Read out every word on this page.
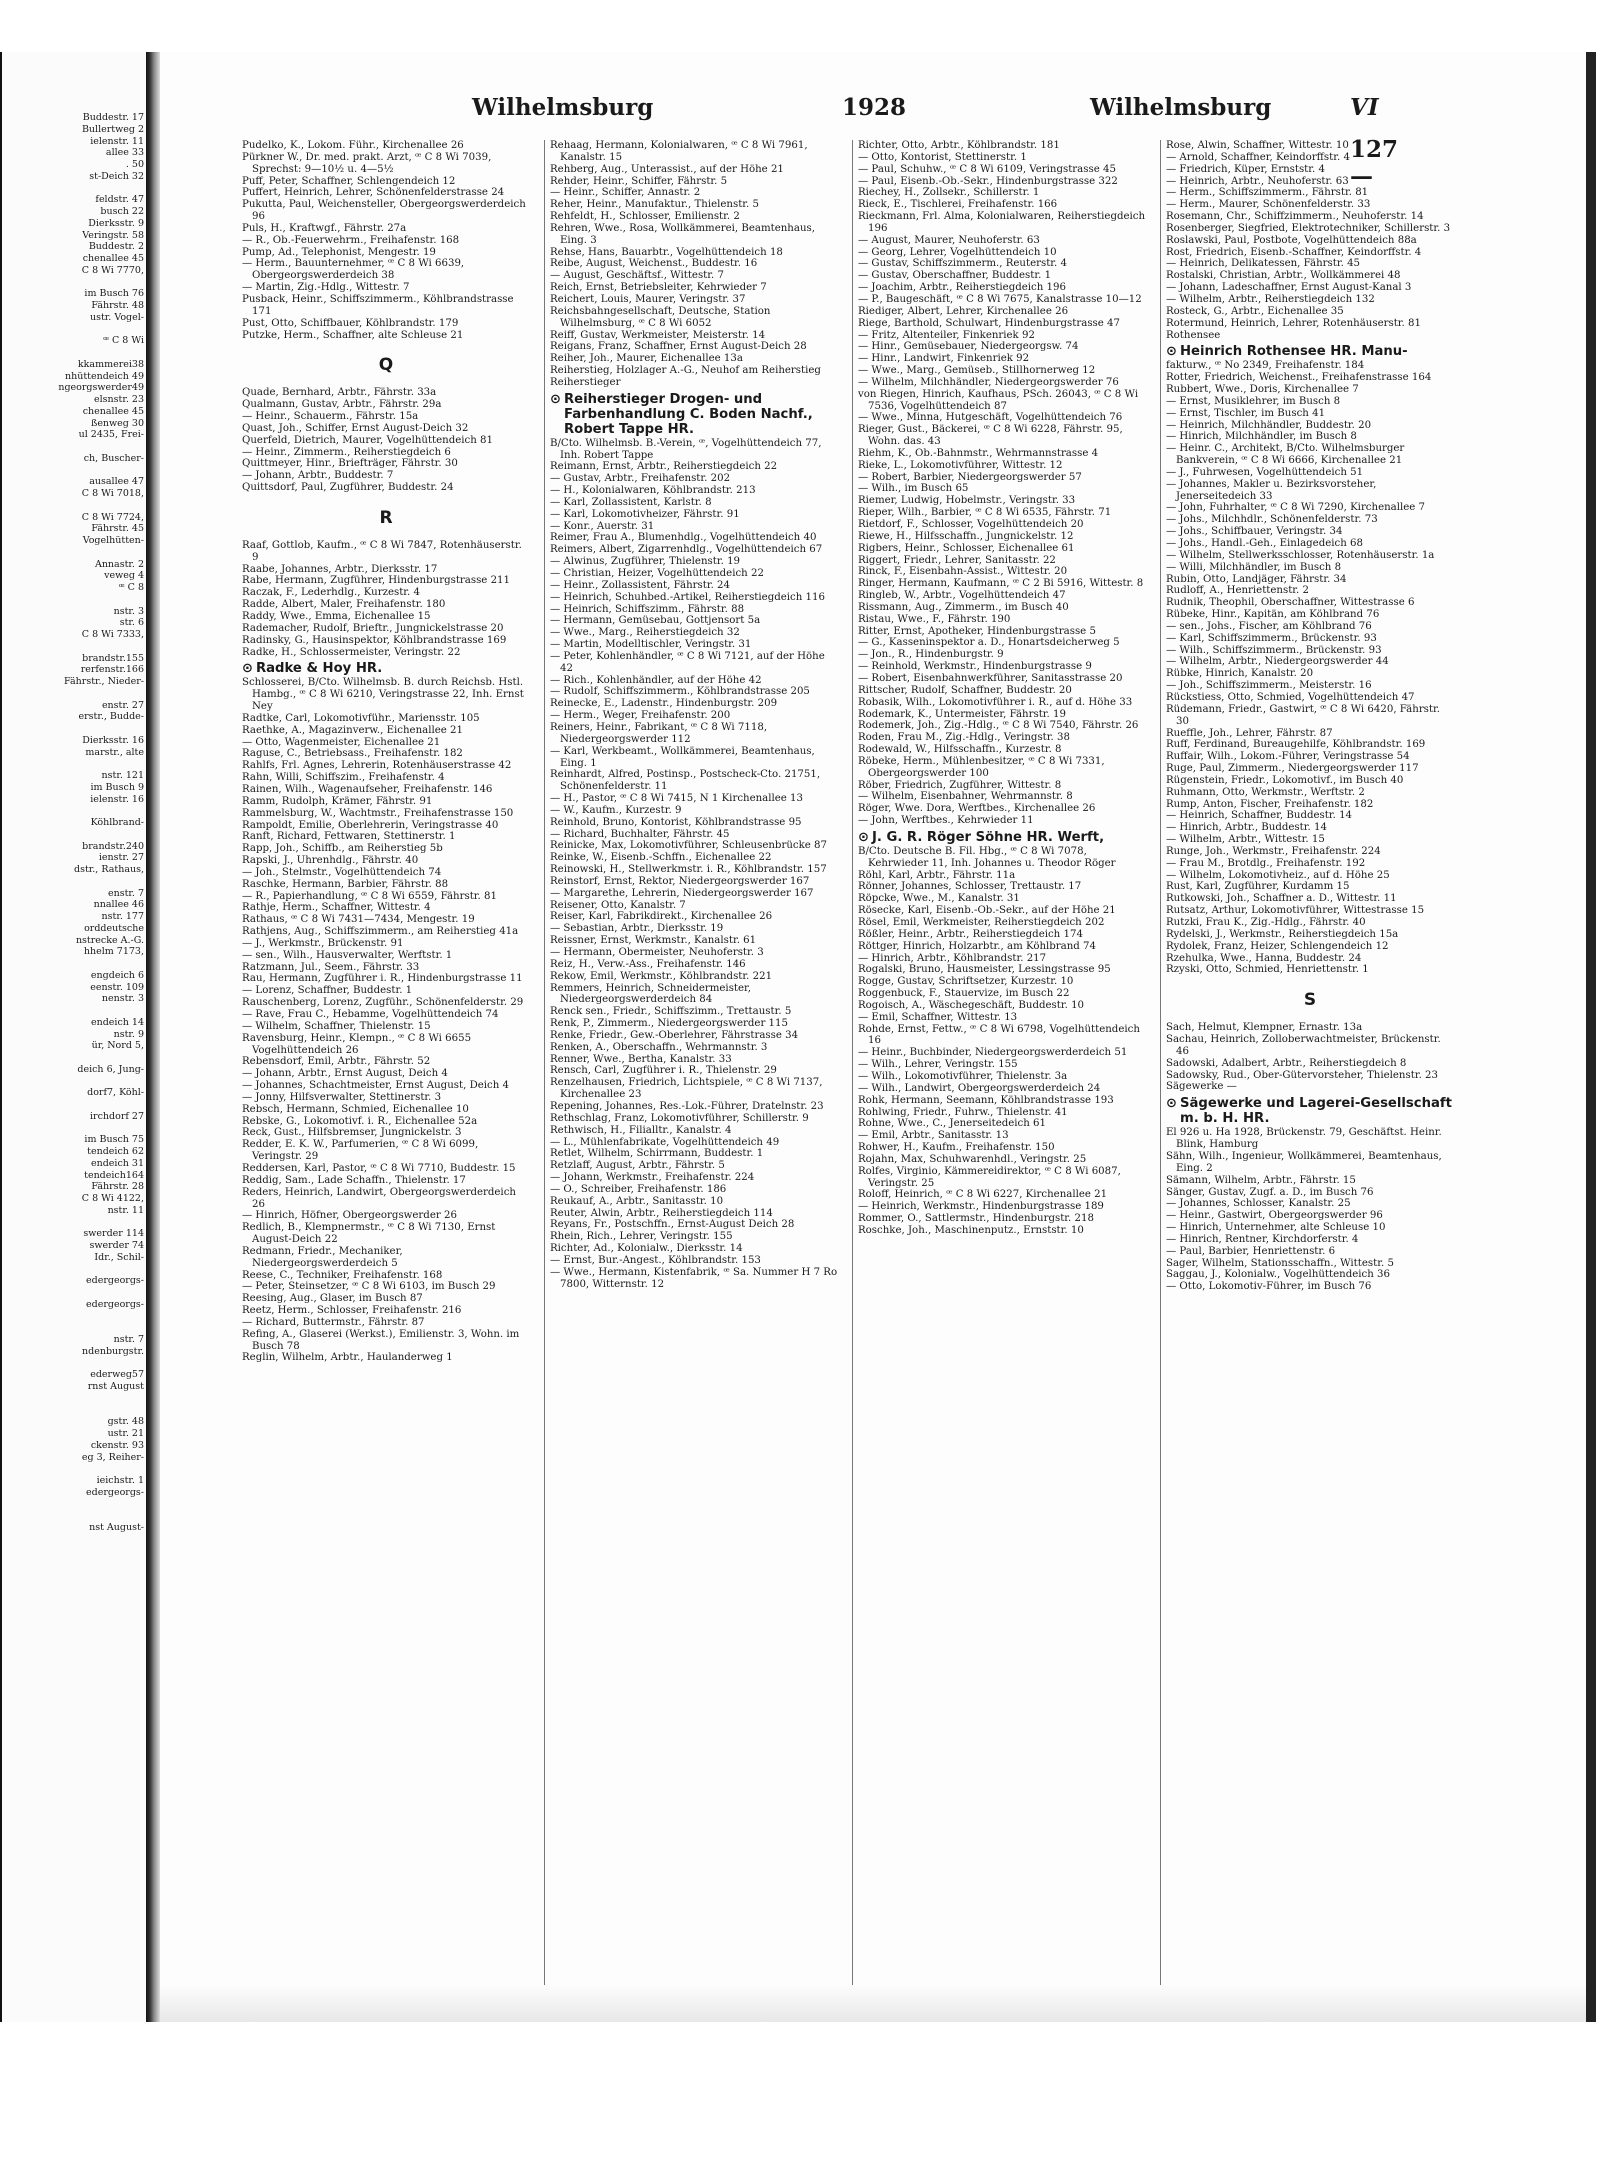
Buddestr. 17
Bullertweg 2
ielenstr. 11
allee 33
. 50
st-Deich 32
feldstr. 47
busch 22
Dierksstr. 9
Veringstr. 58
Buddestr. 2
chenallee 45
C 8 Wi 7770,
im Busch 76
Fährstr. 48
ustr. Vogel-
ꟹ C 8 Wi
kkammerei38
nhüttendeich 49
ngeorgswerder49
elsnstr. 23
chenallee 45
ßenweg 30
ul 2435, Frei-
ch, Buscher-
ausallee 47
C 8 Wi 7018,
C 8 Wi 7724,
Fährstr. 45
Vogelhütten-
Annastr. 2
veweg 4
ꟹ C 8
nstr. 3
str. 6
C 8 Wi 7333,
brandstr.155
rerfenstr.166
Fährstr., Nieder-
enstr. 27
erstr., Budde-
Dierksstr. 16
marstr., alte
nstr. 121
im Busch 9
ielenstr. 16
Köhlbrand-
brandstr.240
ienstr. 27
dstr., Rathaus,
enstr. 7
nnallee 46
nstr. 177
orddeutsche
nstrecke A.-G.
hhelm 7173,
engdeich 6
eenstr. 109
nenstr. 3
endeich 14
nstr. 9
ür, Nord 5,
deich 6, Jung-
dorf7, Köhl-
irchdorf 27
im Busch 75
tendeich 62
endeich 31
tendeich164
Fährstr. 28
C 8 Wi 4122,
nstr. 11
swerder 114
swerder 74
Idr., Schil-
edergeorgs-
edergeorgs-
nstr. 7
ndenburgstr.
ederweg57
rnst August
gstr. 48
ustr. 21
ckenstr. 93
eg 3, Reiher-
ieichstr. 1
edergeorgs-
nst August-
Wilhelmsburg	1928	Wilhelmsburg
127—
VI
Pudelko, K., Lokom. Führ., Kirchenallee 26
Pürkner W., Dr. med. prakt. Arzt, ꟹ C 8 Wi 7039, Sprechst: 9—10½ u. 4—5½
Puff, Peter, Schaffner, Schlengendeich 12
Puffert, Heinrich, Lehrer, Schönenfelderstrasse 24
Pukutta, Paul, Weichensteller, Obergeorgswerderdeich 96
Puls, H., Kraftwgf., Fährstr. 27a
— R., Ob.-Feuerwehrm., Freihafenstr. 168
Pump, Ad., Telephonist, Mengestr. 19
— Herm., Bauunternehmer, ꟹ C 8 Wi 6639, Obergeorgswerderdeich 38
— Martin, Zig.-Hdlg., Wittestr. 7
Pusback, Heinr., Schiffszimmerm., Köhlbrandstrasse 171
Pust, Otto, Schiffbauer, Köhlbrandstr. 179
Putzke, Herm., Schaffner, alte Schleuse 21
Q
Quade, Bernhard, Arbtr., Fährstr. 33a
Qualmann, Gustav, Arbtr., Fährstr. 29a
— Heinr., Schauerm., Fährstr. 15a
Quast, Joh., Schiffer, Ernst August-Deich 32
Querfeld, Dietrich, Maurer, Vogelhüttendeich 81
— Heinr., Zimmerm., Reiherstiegdeich 6
Quittmeyer, Hinr., Briefträger, Fährstr. 30
— Johann, Arbtr., Buddestr. 7
Quittsdorf, Paul, Zugführer, Buddestr. 24
R
Raaf, Gottlob, Kaufm., ꟹ C 8 Wi 7847, Rotenhäuserstr. 9
Raabe, Johannes, Arbtr., Dierksstr. 17
Rabe, Hermann, Zugführer, Hindenburgstrasse 211
Raczak, F., Lederhdlg., Kurzestr. 4
Radde, Albert, Maler, Freihafenstr. 180
Raddy, Wwe., Emma, Eichenallee 15
Rademacher, Rudolf, Brieftr., Jungnickelstrasse 20
Radinsky, G., Hausinspektor, Köhlbrandstrasse 169
Radke, H., Schlossermeister, Veringstr. 22
⊙ Radke & Hoy HR.
Schlosserei, B/Cto. Wilhelmsb. B. durch Reichsb. Hstl. Hambg., ꟹ C 8 Wi 6210, Veringstrasse 22, Inh. Ernst Ney
Radtke, Carl, Lokomotivführ., Mariensstr. 105
Raethke, A., Magazinverw., Eichenallee 21
— Otto, Wagenmeister, Eichenallee 21
Raguse, C., Betriebsass., Freihafenstr. 182
Rahlfs, Frl. Agnes, Lehrerin, Rotenhäuserstrasse 42
Rahn, Willi, Schiffszim., Freihafenstr. 4
Rainen, Wilh., Wagenaufseher, Freihafenstr. 146
Ramm, Rudolph, Krämer, Fährstr. 91
Rammelsburg, W., Wachtmstr., Freihafenstrasse 150
Rampoldt, Emilie, Oberlehrerin, Veringstrasse 40
Ranft, Richard, Fettwaren, Stettinerstr. 1
Rapp, Joh., Schiffb., am Reiherstieg 5b
Rapski, J., Uhrenhdlg., Fährstr. 40
— Joh., Stelmstr., Vogelhüttendeich 74
Raschke, Hermann, Barbier, Fährstr. 88
— R., Papierhandlung, ꟹ C 8 Wi 6559, Fährstr. 81
Rathje, Herm., Schaffner, Wittestr. 4
Rathaus, ꟹ C 8 Wi 7431—7434, Mengestr. 19
Rathjens, Aug., Schiffszimmerm., am Reiherstieg 41a
— J., Werkmstr., Brückenstr. 91
— sen., Wilh., Hausverwalter, Werftstr. 1
Ratzmann, Jul., Seem., Fährstr. 33
Rau, Hermann, Zugführer i. R., Hindenburgstrasse 11
— Lorenz, Schaffner, Buddestr. 1
Rauschenberg, Lorenz, Zugführ., Schönenfelderstr. 29
— Rave, Frau C., Hebamme, Vogelhüttendeich 74
— Wilhelm, Schaffner, Thielenstr. 15
Ravensburg, Heinr., Klempn., ꟹ C 8 Wi 6655 Vogelhüttendeich 26
Rebensdorf, Emil, Arbtr., Fährstr. 52
— Johann, Arbtr., Ernst August, Deich 4
— Johannes, Schachtmeister, Ernst August, Deich 4
— Jonny, Hilfsverwalter, Stettinerstr. 3
Rebsch, Hermann, Schmied, Eichenallee 10
Rebske, G., Lokomotivf. i. R., Eichenallee 52a
Reck, Gust., Hilfsbremser, Jungnickelstr. 3
Redder, E. K. W., Parfumerien, ꟹ C 8 Wi 6099, Veringstr. 29
Reddersen, Karl, Pastor, ꟹ C 8 Wi 7710, Buddestr. 15
Reddig, Sam., Lade Schaffn., Thielenstr. 17
Reders, Heinrich, Landwirt, Obergeorgswerderdeich 26
— Hinrich, Höfner, Obergeorgswerder 26
Redlich, B., Klempnermstr., ꟹ C 8 Wi 7130, Ernst August-Deich 22
Redmann, Friedr., Mechaniker, Niedergeorgswerderdeich 5
Reese, C., Techniker, Freihafenstr. 168
— Peter, Steinsetzer, ꟹ C 8 Wi 6103, im Busch 29
Reesing, Aug., Glaser, im Busch 87
Reetz, Herm., Schlosser, Freihafenstr. 216
— Richard, Buttermstr., Fährstr. 87
Refing, A., Glaserei (Werkst.), Emilienstr. 3, Wohn. im Busch 78
Reglin, Wilhelm, Arbtr., Haulanderweg 1
Rehaag, Hermann, Kolonialwaren, ꟹ C 8 Wi 7961, Kanalstr. 15
Rehberg, Aug., Unterassist., auf der Höhe 21
Rehder, Heinr., Schiffer, Fährstr. 5
— Heinr., Schiffer, Annastr. 2
Reher, Heinr., Manufaktur., Thielenstr. 5
Rehfeldt, H., Schlosser, Emilienstr. 2
Rehren, Wwe., Rosa, Wollkämmerei, Beamtenhaus, Eing. 3
Rehse, Hans, Bauarbtr., Vogelhüttendeich 18
Reibe, August, Weichenst., Buddestr. 16
— August, Geschäftsf., Wittestr. 7
Reich, Ernst, Betriebsleiter, Kehrwieder 7
Reichert, Louis, Maurer, Veringstr. 37
Reichsbahngesellschaft, Deutsche, Station Wilhelmsburg, ꟹ C 8 Wi 6052
Reiff, Gustav, Werkmeister, Meisterstr. 14
Reigans, Franz, Schaffner, Ernst August-Deich 28
Reiher, Joh., Maurer, Eichenallee 13a
Reiherstieg, Holzlager A.-G., Neuhof am Reiherstieg
Reiherstieger
⊙ Reiherstieger Drogen- und Farbenhandlung C. Boden Nachf., Robert Tappe HR.
B/Cto. Wilhelmsb. B.-Verein, ꟹ, Vogelhüttendeich 77, Inh. Robert Tappe
Reimann, Ernst, Arbtr., Reiherstiegdeich 22
— Gustav, Arbtr., Freihafenstr. 202
— H., Kolonialwaren, Köhlbrandstr. 213
— Karl, Zollassistent, Karlstr. 8
— Karl, Lokomotivheizer, Fährstr. 91
— Konr., Auerstr. 31
Reimer, Frau A., Blumenhdlg., Vogelhüttendeich 40
Reimers, Albert, Zigarrenhdlg., Vogelhüttendeich 67
— Alwinus, Zugführer, Thielenstr. 19
— Christian, Heizer, Vogelhüttendeich 22
— Heinr., Zollassistent, Fährstr. 24
— Heinrich, Schuhbed.-Artikel, Reiherstiegdeich 116
— Heinrich, Schiffszimm., Fährstr. 88
— Hermann, Gemüsebau, Gottjensort 5a
— Wwe., Marg., Reiherstiegdeich 32
— Martin, Modelltischler, Veringstr. 31
— Peter, Kohlenhändler, ꟹ C 8 Wi 7121, auf der Höhe 42
— Rich., Kohlenhändler, auf der Höhe 42
— Rudolf, Schiffszimmerm., Köhlbrandstrasse 205
Reinecke, E., Ladenstr., Hindenburgstr. 209
— Herm., Weger, Freihafenstr. 200
Reiners, Heinr., Fabrikant, ꟹ C 8 Wi 7118, Niedergeorgswerder 112
— Karl, Werkbeamt., Wollkämmerei, Beamtenhaus, Eing. 1
Reinhardt, Alfred, Postinsp., Postscheck-Cto. 21751, Schönenfelderstr. 11
— H., Pastor, ꟹ C 8 Wi 7415, N 1 Kirchenallee 13
— W., Kaufm., Kurzestr. 9
Reinhold, Bruno, Kontorist, Köhlbrandstrasse 95
— Richard, Buchhalter, Fährstr. 45
Reinicke, Max, Lokomotivführer, Schleusenbrücke 87
Reinke, W., Eisenb.-Schffn., Eichenallee 22
Reinowski, H., Stellwerkmstr. i. R., Köhlbrandstr. 157
Reinstorf, Ernst, Rektor, Niedergeorgswerder 167
— Margarethe, Lehrerin, Niedergeorgswerder 167
Reisener, Otto, Kanalstr. 7
Reiser, Karl, Fabrikdirekt., Kirchenallee 26
— Sebastian, Arbtr., Dierksstr. 19
Reissner, Ernst, Werkmstr., Kanalstr. 61
— Hermann, Obermeister, Neuhoferstr. 3
Reiz, H., Verw.-Ass., Freihafenstr. 146
Rekow, Emil, Werkmstr., Köhlbrandstr. 221
Remmers, Heinrich, Schneidermeister, Niedergeorgswerderdeich 84
Renck sen., Friedr., Schiffszimm., Trettaustr. 5
Renk, P., Zimmerm., Niedergeorgswerder 115
Renke, Friedr., Gew.-Oberlehrer, Fährstrasse 34
Renken, A., Oberschaffn., Wehrmannstr. 3
Renner, Wwe., Bertha, Kanalstr. 33
Rensch, Carl, Zugführer i. R., Thielenstr. 29
Renzelhausen, Friedrich, Lichtspiele, ꟹ C 8 Wi 7137, Kirchenallee 23
Repening, Johannes, Res.-Lok.-Führer, Dratelnstr. 23
Rethschlag, Franz, Lokomotivführer, Schillerstr. 9
Rethwisch, H., Filialltr., Kanalstr. 4
— L., Mühlenfabrikate, Vogelhüttendeich 49
Retlet, Wilhelm, Schirrmann, Buddestr. 1
Retzlaff, August, Arbtr., Fährstr. 5
— Johann, Werkmstr., Freihafenstr. 224
— O., Schreiber, Freihafenstr. 186
Reukauf, A., Arbtr., Sanitasstr. 10
Reuter, Alwin, Arbtr., Reiherstiegdeich 114
Reyans, Fr., Postschffn., Ernst-August Deich 28
Rhein, Rich., Lehrer, Veringstr. 155
Richter, Ad., Kolonialw., Dierksstr. 14
— Ernst, Bur.-Angest., Köhlbrandstr. 153
— Wwe., Hermann, Kistenfabrik, ꟹ Sa. Nummer H 7 Ro 7800, Witternstr. 12
Richter, Otto, Arbtr., Köhlbrandstr. 181
— Otto, Kontorist, Stettinerstr. 1
— Paul, Schuhw., ꟹ C 8 Wi 6109, Veringstrasse 45
— Paul, Eisenb.-Ob.-Sekr., Hindenburgstrasse 322
Riechey, H., Zollsekr., Schillerstr. 1
Rieck, E., Tischlerei, Freihafenstr. 166
Rieckmann, Frl. Alma, Kolonialwaren, Reiherstiegdeich 196
— August, Maurer, Neuhoferstr. 63
— Georg, Lehrer, Vogelhüttendeich 10
— Gustav, Schiffszimmerm., Reuterstr. 4
— Gustav, Oberschaffner, Buddestr. 1
— Joachim, Arbtr., Reiherstiegdeich 196
— P., Baugeschäft, ꟹ C 8 Wi 7675, Kanalstrasse 10—12
Riediger, Albert, Lehrer, Kirchenallee 26
Riege, Barthold, Schulwart, Hindenburgstrasse 47
— Fritz, Altenteiler, Finkenriek 92
— Hinr., Gemüsebauer, Niedergeorgsw. 74
— Hinr., Landwirt, Finkenriek 92
— Wwe., Marg., Gemüseb., Stillhornerweg 12
— Wilhelm, Milchhändler, Niedergeorgswerder 76
von Riegen, Hinrich, Kaufhaus, PSch. 26043, ꟹ C 8 Wi 7536, Vogelhüttendeich 87
— Wwe., Minna, Hutgeschäft, Vogelhüttendeich 76
Rieger, Gust., Bäckerei, ꟹ C 8 Wi 6228, Fährstr. 95, Wohn. das. 43
Riehm, K., Ob.-Bahnmstr., Wehrmannstrasse 4
Rieke, L., Lokomotivführer, Wittestr. 12
— Robert, Barbier, Niedergeorgswerder 57
— Wilh., im Busch 65
Riemer, Ludwig, Hobelmstr., Veringstr. 33
Rieper, Wilh., Barbier, ꟹ C 8 Wi 6535, Fährstr. 71
Rietdorf, F., Schlosser, Vogelhüttendeich 20
Riewe, H., Hilfsschaffn., Jungnickelstr. 12
Rigbers, Heinr., Schlosser, Eichenallee 61
Riggert, Friedr., Lehrer, Sanitasstr. 22
Rinck, F., Eisenbahn-Assist., Wittestr. 20
Ringer, Hermann, Kaufmann, ꟹ C 2 Bi 5916, Wittestr. 8
Ringleb, W., Arbtr., Vogelhüttendeich 47
Rissmann, Aug., Zimmerm., im Busch 40
Ristau, Wwe., F., Fährstr. 190
Ritter, Ernst, Apotheker, Hindenburgstrasse 5
— G., Kasseninspektor a. D., Honartsdeicherweg 5
— Jon., R., Hindenburgstr. 9
— Reinhold, Werkmstr., Hindenburgstrasse 9
— Robert, Eisenbahnwerkführer, Sanitasstrasse 20
Rittscher, Rudolf, Schaffner, Buddestr. 20
Robasik, Wilh., Lokomotivführer i. R., auf d. Höhe 33
Rodemark, K., Untermeister, Fährstr. 19
Rodemerk, Joh., Zig.-Hdlg., ꟹ C 8 Wi 7540, Fährstr. 26
Roden, Frau M., Zig.-Hdlg., Veringstr. 38
Rodewald, W., Hilfsschaffn., Kurzestr. 8
Röbeke, Herm., Mühlenbesitzer, ꟹ C 8 Wi 7331, Obergeorgswerder 100
Röber, Friedrich, Zugführer, Wittestr. 8
— Wilhelm, Eisenbahner, Wehrmannstr. 8
Röger, Wwe. Dora, Werftbes., Kirchenallee 26
— John, Werftbes., Kehrwieder 11
⊙ J. G. R. Röger Söhne HR. Werft,
B/Cto. Deutsche B. Fil. Hbg., ꟹ C 8 Wi 7078, Kehrwieder 11, Inh. Johannes u. Theodor Röger
Röhl, Karl, Arbtr., Fährstr. 11a
Rönner, Johannes, Schlosser, Trettaustr. 17
Röpcke, Wwe., M., Kanalstr. 31
Rösecke, Karl, Eisenb.-Ob.-Sekr., auf der Höhe 21
Rösel, Emil, Werkmeister, Reiherstiegdeich 202
Rößler, Heinr., Arbtr., Reiherstiegdeich 174
Röttger, Hinrich, Holzarbtr., am Köhlbrand 74
— Hinrich, Arbtr., Köhlbrandstr. 217
Rogalski, Bruno, Hausmeister, Lessingstrasse 95
Rogge, Gustav, Schriftsetzer, Kurzestr. 10
Roggenbuck, F., Stauervize, im Busch 22
Rogoisch, A., Wäschegeschäft, Buddestr. 10
— Emil, Schaffner, Wittestr. 13
Rohde, Ernst, Fettw., ꟹ C 8 Wi 6798, Vogelhüttendeich 16
— Heinr., Buchbinder, Niedergeorgswerderdeich 51
— Wilh., Lehrer, Veringstr. 155
— Wilh., Lokomotivführer, Thielenstr. 3a
— Wilh., Landwirt, Obergeorgswerderdeich 24
Rohk, Hermann, Seemann, Köhlbrandstrasse 193
Rohlwing, Friedr., Fuhrw., Thielenstr. 41
Rohne, Wwe., C., Jenerseitedeich 61
— Emil, Arbtr., Sanitasstr. 13
Rohwer, H., Kaufm., Freihafenstr. 150
Rojahn, Max, Schuhwarenhdl., Veringstr. 25
Rolfes, Virginio, Kämmereidirektor, ꟹ C 8 Wi 6087, Veringstr. 25
Roloff, Heinrich, ꟹ C 8 Wi 6227, Kirchenallee 21
— Heinrich, Werkmstr., Hindenburgstrasse 189
Rommer, O., Sattlermstr., Hindenburgstr. 218
Roschke, Joh., Maschinenputz., Ernststr. 10
Rose, Alwin, Schaffner, Wittestr. 10
— Arnold, Schaffner, Keindorffstr. 4
— Friedrich, Küper, Ernststr. 4
— Heinrich, Arbtr., Neuhoferstr. 63
— Herm., Schiffszimmerm., Fährstr. 81
— Herm., Maurer, Schönenfelderstr. 33
Rosemann, Chr., Schiffzimmerm., Neuhoferstr. 14
Rosenberger, Siegfried, Elektrotechniker, Schillerstr. 3
Roslawski, Paul, Postbote, Vogelhüttendeich 88a
Rost, Friedrich, Eisenb.-Schaffner, Keindorffstr. 4
— Heinrich, Delikatessen, Fährstr. 45
Rostalski, Christian, Arbtr., Wollkämmerei 48
— Johann, Ladeschaffner, Ernst August-Kanal 3
— Wilhelm, Arbtr., Reiherstiegdeich 132
Rosteck, G., Arbtr., Eichenallee 35
Rotermund, Heinrich, Lehrer, Rotenhäuserstr. 81
Rothensee
⊙ Heinrich Rothensee HR. Manu-
fakturw., ꟹ No 2349, Freihafenstr. 184
Rotter, Friedrich, Weichenst., Freihafenstrasse 164
Rubbert, Wwe., Doris, Kirchenallee 7
— Ernst, Musiklehrer, im Busch 8
— Ernst, Tischler, im Busch 41
— Heinrich, Milchhändler, Buddestr. 20
— Hinrich, Milchhändler, im Busch 8
— Heinr. C., Architekt, B/Cto. Wilhelmsburger Bankverein, ꟹ C 8 Wi 6666, Kirchenallee 21
— J., Fuhrwesen, Vogelhüttendeich 51
— Johannes, Makler u. Bezirksvorsteher, Jenerseitedeich 33
— John, Fuhrhalter, ꟹ C 8 Wi 7290, Kirchenallee 7
— Johs., Milchhdlr., Schönenfelderstr. 73
— Johs., Schiffbauer, Veringstr. 34
— Johs., Handl.-Geh., Einlagedeich 68
— Wilhelm, Stellwerksschlosser, Rotenhäuserstr. 1a
— Willi, Milchhändler, im Busch 8
Rubin, Otto, Landjäger, Fährstr. 34
Rudloff, A., Henriettenstr. 2
Rudnik, Theophil, Oberschaffner, Wittestrasse 6
Rübeke, Hinr., Kapitän, am Köhlbrand 76
— sen., Johs., Fischer, am Köhlbrand 76
— Karl, Schiffszimmerm., Brückenstr. 93
— Wilh., Schiffszimmerm., Brückenstr. 93
— Wilhelm, Arbtr., Niedergeorgswerder 44
Rübke, Hinrich, Kanalstr. 20
— Joh., Schiffszimmerm., Meisterstr. 16
Rückstiess, Otto, Schmied, Vogelhüttendeich 47
Rüdemann, Friedr., Gastwirt, ꟹ C 8 Wi 6420, Fährstr. 30
Rueffle, Joh., Lehrer, Fährstr. 87
Ruff, Ferdinand, Bureaugehilfe, Köhlbrandstr. 169
Ruffair, Wilh., Lokom.-Führer, Veringstrasse 54
Ruge, Paul, Zimmerm., Niedergeorgswerder 117
Rügenstein, Friedr., Lokomotivf., im Busch 40
Ruhmann, Otto, Werkmstr., Werftstr. 2
Rump, Anton, Fischer, Freihafenstr. 182
— Heinrich, Schaffner, Buddestr. 14
— Hinrich, Arbtr., Buddestr. 14
— Wilhelm, Arbtr., Wittestr. 15
Runge, Joh., Werkmstr., Freihafenstr. 224
— Frau M., Brotdlg., Freihafenstr. 192
— Wilhelm, Lokomotivheiz., auf d. Höhe 25
Rust, Karl, Zugführer, Kurdamm 15
Rutkowski, Joh., Schaffner a. D., Wittestr. 11
Rutsatz, Arthur, Lokomotivführer, Wittestrasse 15
Rutzki, Frau K., Zig.-Hdlg., Fährstr. 40
Rydelski, J., Werkmstr., Reiherstiegdeich 15a
Rydolek, Franz, Heizer, Schlengendeich 12
Rzehulka, Wwe., Hanna, Buddestr. 24
Rzyski, Otto, Schmied, Henriettenstr. 1
S
Sach, Helmut, Klempner, Ernastr. 13a
Sachau, Heinrich, Zolloberwachtmeister, Brückenstr. 46
Sadowski, Adalbert, Arbtr., Reiherstiegdeich 8
Sadowsky, Rud., Ober-Gütervorsteher, Thielenstr. 23
Sägewerke —
⊙ Sägewerke und Lagerei-Gesellschaft m. b. H. HR.
El 926 u. Ha 1928, Brückenstr. 79, Geschäftst. Heinr. Blink, Hamburg
Sähn, Wilh., Ingenieur, Wollkämmerei, Beamtenhaus, Eing. 2
Sämann, Wilhelm, Arbtr., Fährstr. 15
Sänger, Gustav, Zugf. a. D., im Busch 76
— Johannes, Schlosser, Kanalstr. 25
— Heinr., Gastwirt, Obergeorgswerder 96
— Hinrich, Unternehmer, alte Schleuse 10
— Hinrich, Rentner, Kirchdorferstr. 4
— Paul, Barbier, Henriettenstr. 6
Sager, Wilhelm, Stationsschaffn., Wittestr. 5
Saggau, J., Kolonialw., Vogelhüttendeich 36
— Otto, Lokomotiv-Führer, im Busch 76
